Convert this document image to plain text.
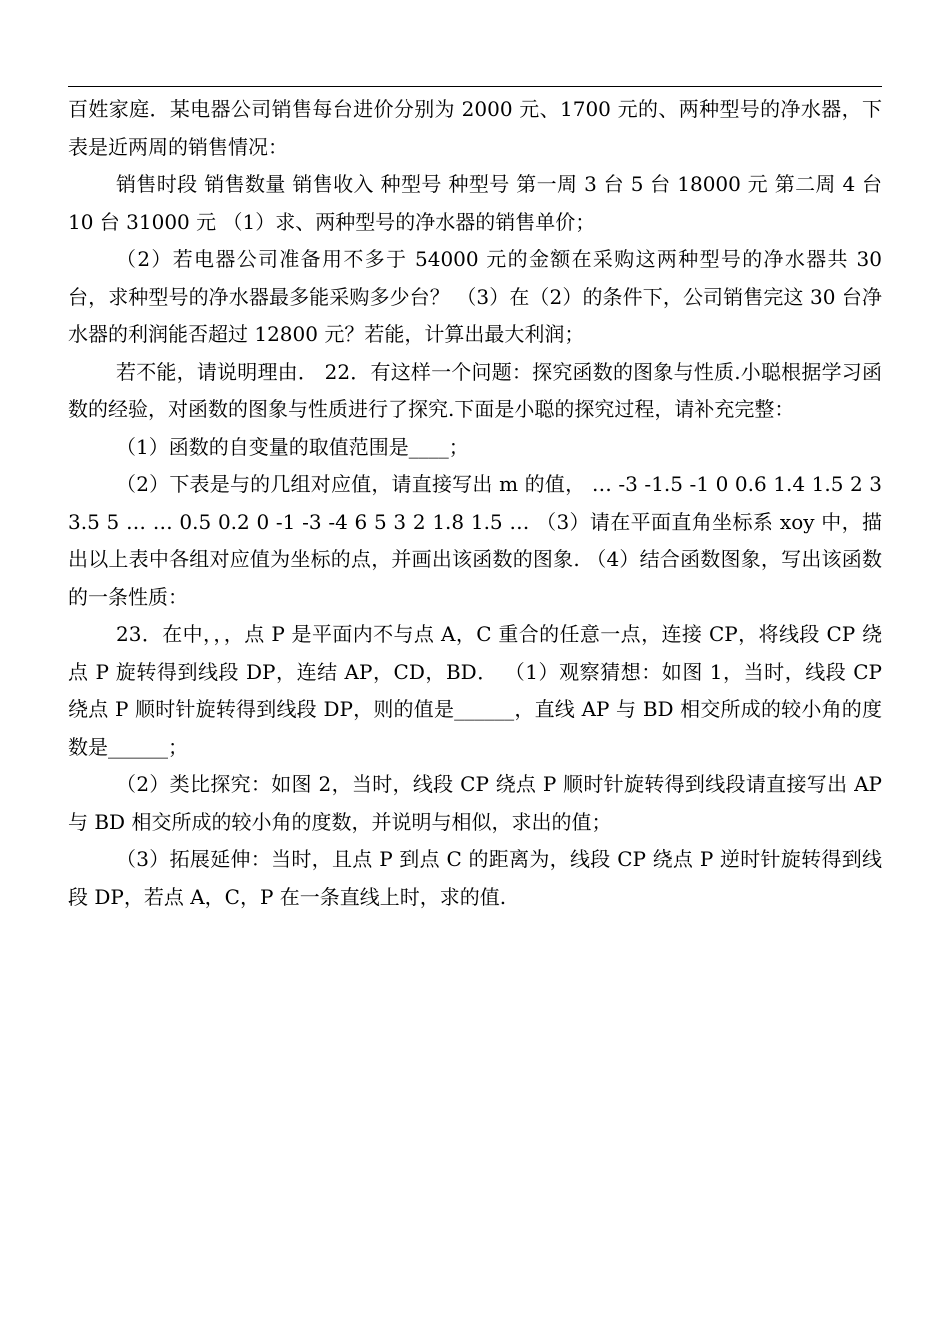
百姓家庭．某电器公司销售每台进价分别为 2000 元、1700 元的、两种型号的净水器，下表是近两周的销售情况：

销售时段 销售数量 销售收入 种型号 种型号 第一周 3 台 5 台 18000 元 第二周 4 台 10 台 31000 元 （1）求、两种型号的净水器的销售单价；

（2）若电器公司准备用不多于 54000 元的金额在采购这两种型号的净水器共 30 台，求种型号的净水器最多能采购多少台？ （3）在（2）的条件下，公司销售完这 30 台净水器的利润能否超过 12800 元？若能，计算出最大利润；

若不能，请说明理由． 22．有这样一个问题：探究函数的图象与性质.小聪根据学习函数的经验，对函数的图象与性质进行了探究.下面是小聪的探究过程，请补充完整：

（1）函数的自变量的取值范围是____；

（2）下表是与的几组对应值，请直接写出 m 的值， … -3 -1.5 -1 0 0.6 1.4 1.5 2 3 3.5 5 … … 0.5 0.2 0 -1 -3 -4 6 5 3 2 1.8 1.5 … （3）请在平面直角坐标系 xoy 中，描出以上表中各组对应值为坐标的点，并画出该函数的图象. （4）结合函数图象，写出该函数的一条性质：

23．在中，，，点 P 是平面内不与点 A，C 重合的任意一点，连接 CP，将线段 CP 绕点 P 旋转得到线段 DP，连结 AP，CD，BD． （1）观察猜想：如图 1，当时，线段 CP 绕点 P 顺时针旋转得到线段 DP，则的值是______，直线 AP 与 BD 相交所成的较小角的度数是______；

（2）类比探究：如图 2，当时，线段 CP 绕点 P 顺时针旋转得到线段请直接写出 AP 与 BD 相交所成的较小角的度数，并说明与相似，求出的值；

（3）拓展延伸：当时，且点 P 到点 C 的距离为，线段 CP 绕点 P 逆时针旋转得到线段 DP，若点 A，C，P 在一条直线上时，求的值.
